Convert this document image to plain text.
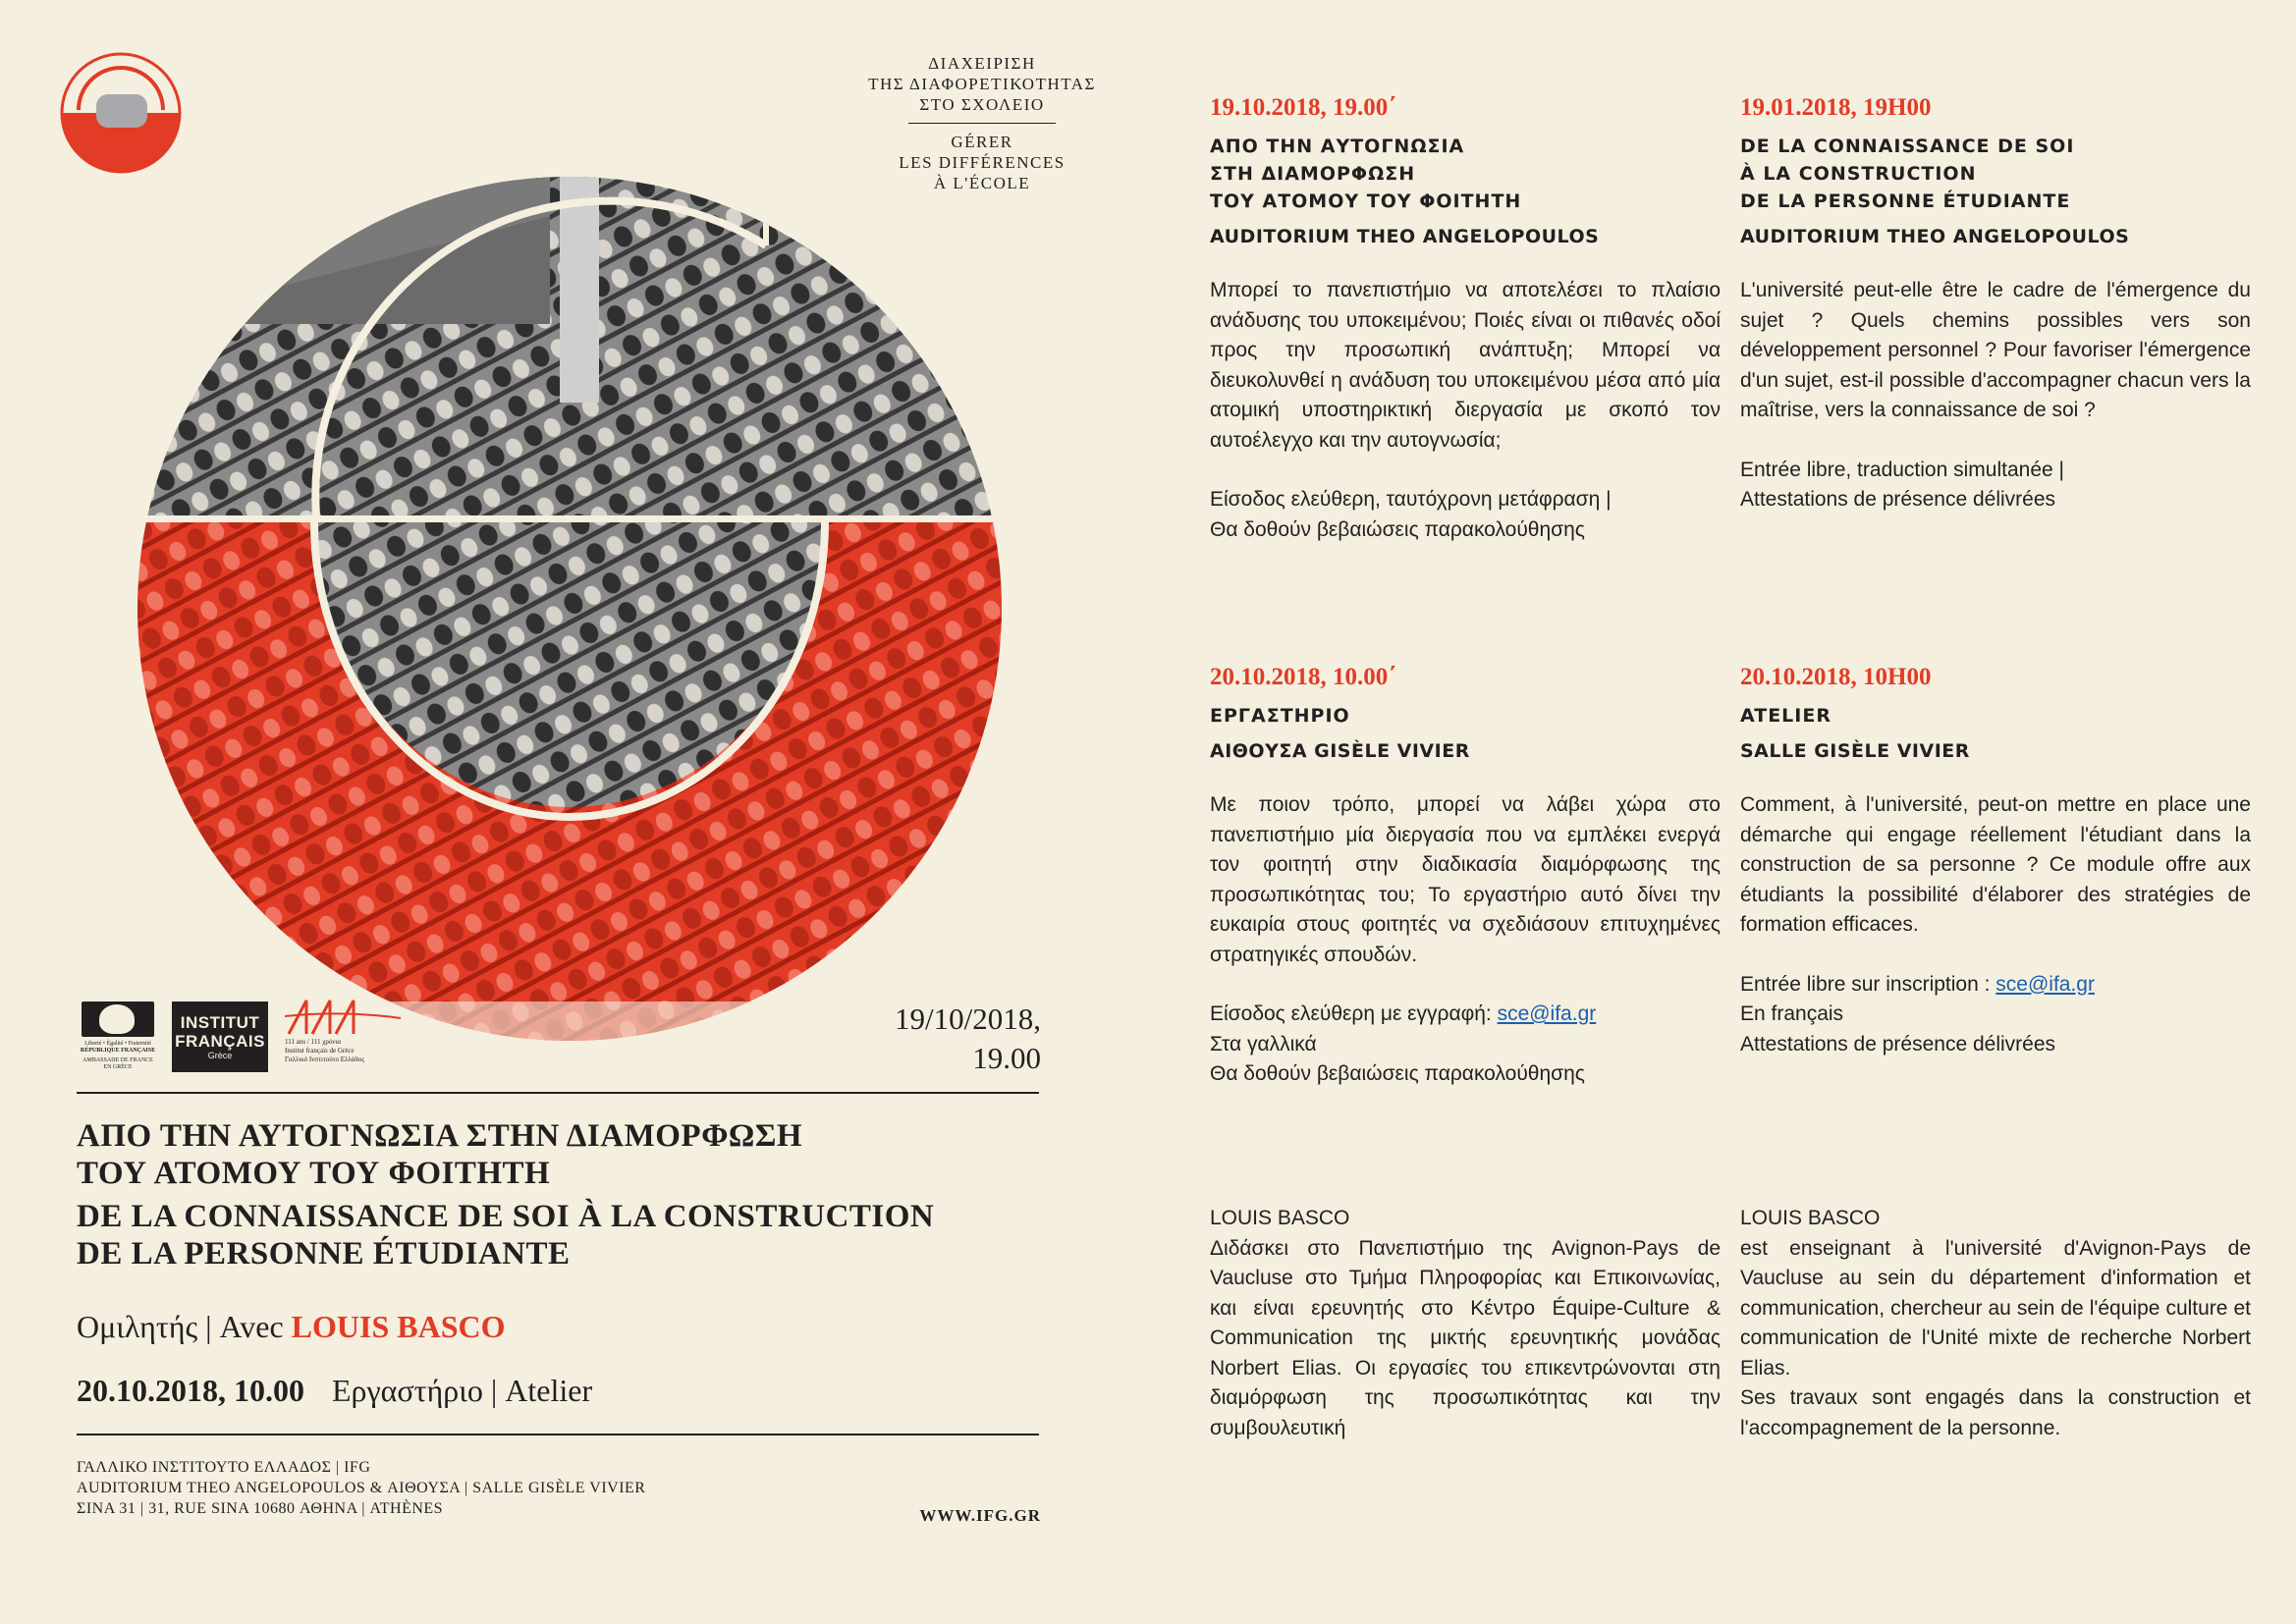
ΔΙΑΧΕΙΡΙΣΗ
ΤΗΣ ΔΙΑΦΟΡΕΤΙΚΟΤΗΤΑΣ
ΣΤΟ ΣΧΟΛΕΙΟ
GÉRER
LES DIFFÉRENCES
À L'ÉCOLE
Liberté • Égalité • Fraternité
RÉPUBLIQUE FRANÇAISE
AMBASSADE DE FRANCE
EN GRÈCE
INSTITUT
FRANÇAIS
Grèce
111 ans / 111 χρόνια
Institut français de Grèce
Γαλλικό Ινστιτούτο Ελλάδος
19/10/2018,
19.00
ΑΠΟ ΤΗΝ ΑΥΤΟΓΝΩΣΙΑ ΣΤΗΝ ΔΙΑΜΟΡΦΩΣΗ
ΤΟΥ ΑΤΟΜΟΥ ΤΟΥ ΦΟΙΤΗΤΗ
DE LA CONNAISSANCE DE SOI À LA CONSTRUCTION
DE LA PERSONNE ÉTUDIANTE
Ομιλητής | Avec LOUIS BASCO
20.10.2018, 10.00 Εργαστήριο | Atelier
ΓΑΛΛΙΚΟ ΙΝΣΤΙΤΟΥΤΟ ΕΛΛΑΔΟΣ | IFG
AUDITORIUM THEO ANGELOPOULOS & ΑΙΘΟΥΣΑ | SALLE GISÈLE VIVIER
ΣΙΝΑ 31 | 31, RUE SINA 10680 ΑΘΗΝΑ | ATHÈNES	WWW.IFG.GR
19.10.2018, 19.00΄
ΑΠΟ ΤΗΝ ΑΥΤΟΓΝΩΣΙΑ
ΣΤΗ ΔΙΑΜΟΡΦΩΣΗ
ΤΟΥ ΑΤΟΜΟΥ ΤΟΥ ΦΟΙΤΗΤΗ
AUDITORIUM THEO ANGELOPOULOS
Μπορεί το πανεπιστήμιο να αποτελέσει το πλαίσιο ανάδυσης του υποκειμένου; Ποιές είναι οι πιθανές οδοί προς την προσωπική ανάπτυξη; Μπορεί να διευκολυνθεί η ανάδυση του υποκειμένου μέσα από μία ατομική υποστηρικτική διεργασία με σκοπό τον αυτοέλεγχο και την αυτογνωσία;
Είσοδος ελεύθερη, ταυτόχρονη μετάφραση |
Θα δοθούν βεβαιώσεις παρακολούθησης
19.01.2018, 19H00
DE LA CONNAISSANCE DE SOI
À LA CONSTRUCTION
DE LA PERSONNE ÉTUDIANTE
AUDITORIUM THEO ANGELOPOULOS
L'université peut-elle être le cadre de l'émergence du sujet ? Quels chemins possibles vers son développement personnel ? Pour favoriser l'émergence d'un sujet, est-il possible d'accompagner chacun vers la maîtrise, vers la connaissance de soi ?
Entrée libre, traduction simultanée |
Attestations de présence délivrées
20.10.2018, 10.00΄
ΕΡΓΑΣΤΗΡΙΟ
ΑΙΘΟΥΣΑ GISÈLE VIVIER
Με ποιον τρόπο, μπορεί να λάβει χώρα στο πανεπιστήμιο μία διεργασία που να εμπλέκει ενεργά τον φοιτητή στην διαδικασία διαμόρφωσης της προσωπικότητας του; Το εργαστήριο αυτό δίνει την ευκαιρία στους φοιτητές να σχεδιάσουν επιτυχημένες στρατηγικές σπουδών.
Είσοδος ελεύθερη με εγγραφή: sce@ifa.gr
Στα γαλλικά
Θα δοθούν βεβαιώσεις παρακολούθησης
20.10.2018, 10H00
ATELIER
SALLE GISÈLE VIVIER
Comment, à l'université, peut-on mettre en place une démarche qui engage réellement l'étudiant dans la construction de sa personne ? Ce module offre aux étudiants la possibilité d'élaborer des stratégies de formation efficaces.
Entrée libre sur inscription : sce@ifa.gr
En français
Attestations de présence délivrées
LOUIS BASCO
Διδάσκει στο Πανεπιστήμιο της Avignon-Pays de Vaucluse στο Τμήμα Πληροφορίας και Επικοινωνίας, και είναι ερευνητής στο Κέντρο Équipe-Culture & Communication της μικτής ερευνητικής μονάδας Norbert Elias. Οι εργασίες του επικεντρώνονται στη διαμόρφωση της προσωπικότητας και την συμβουλευτική
LOUIS BASCO
est enseignant à l'université d'Avignon-Pays de Vaucluse au sein du département d'information et communication, chercheur au sein de l'équipe culture et communication de l'Unité mixte de recherche Norbert Elias.
Ses travaux sont engagés dans la construction et l'accompagnement de la personne.
